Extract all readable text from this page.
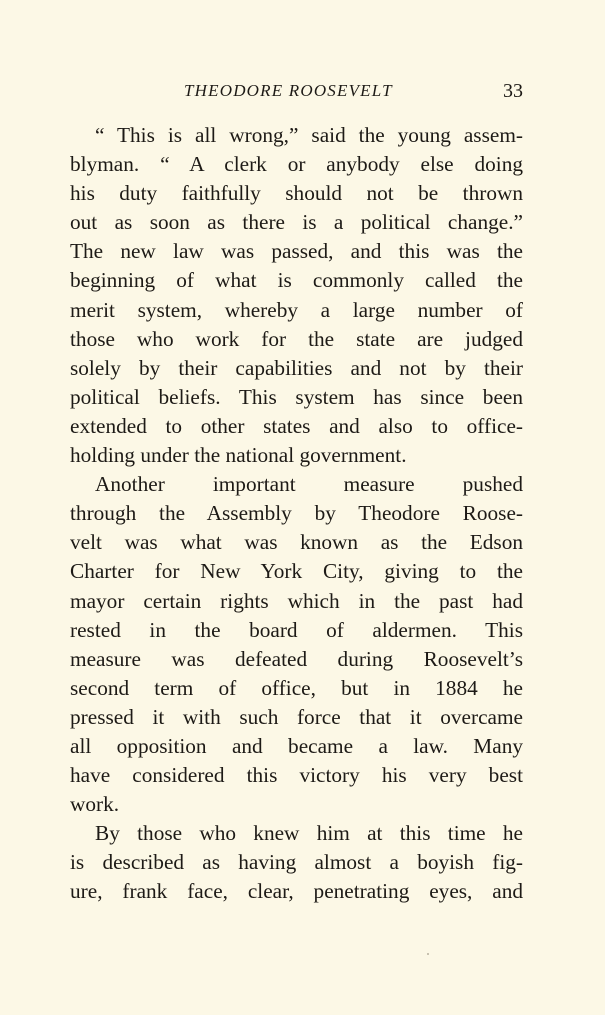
THEODORE ROOSEVELT	33
“ This is all wrong,” said the young assem-
blyman. “ A clerk or anybody else doing
his duty faithfully should not be thrown
out as soon as there is a political change.”
The new law was passed, and this was the
beginning of what is commonly called the
merit system, whereby a large number of
those who work for the state are judged
solely by their capabilities and not by their
political beliefs. This system has since been
extended to other states and also to office-
holding under the national government.
Another important measure pushed
through the Assembly by Theodore Roose-
velt was what was known as the Edson
Charter for New York City, giving to the
mayor certain rights which in the past had
rested in the board of aldermen. This
measure was defeated during Roosevelt’s
second term of office, but in 1884 he
pressed it with such force that it overcame
all opposition and became a law. Many
have considered this victory his very best
work.
By those who knew him at this time he
is described as having almost a boyish fig-
ure, frank face, clear, penetrating eyes, and
